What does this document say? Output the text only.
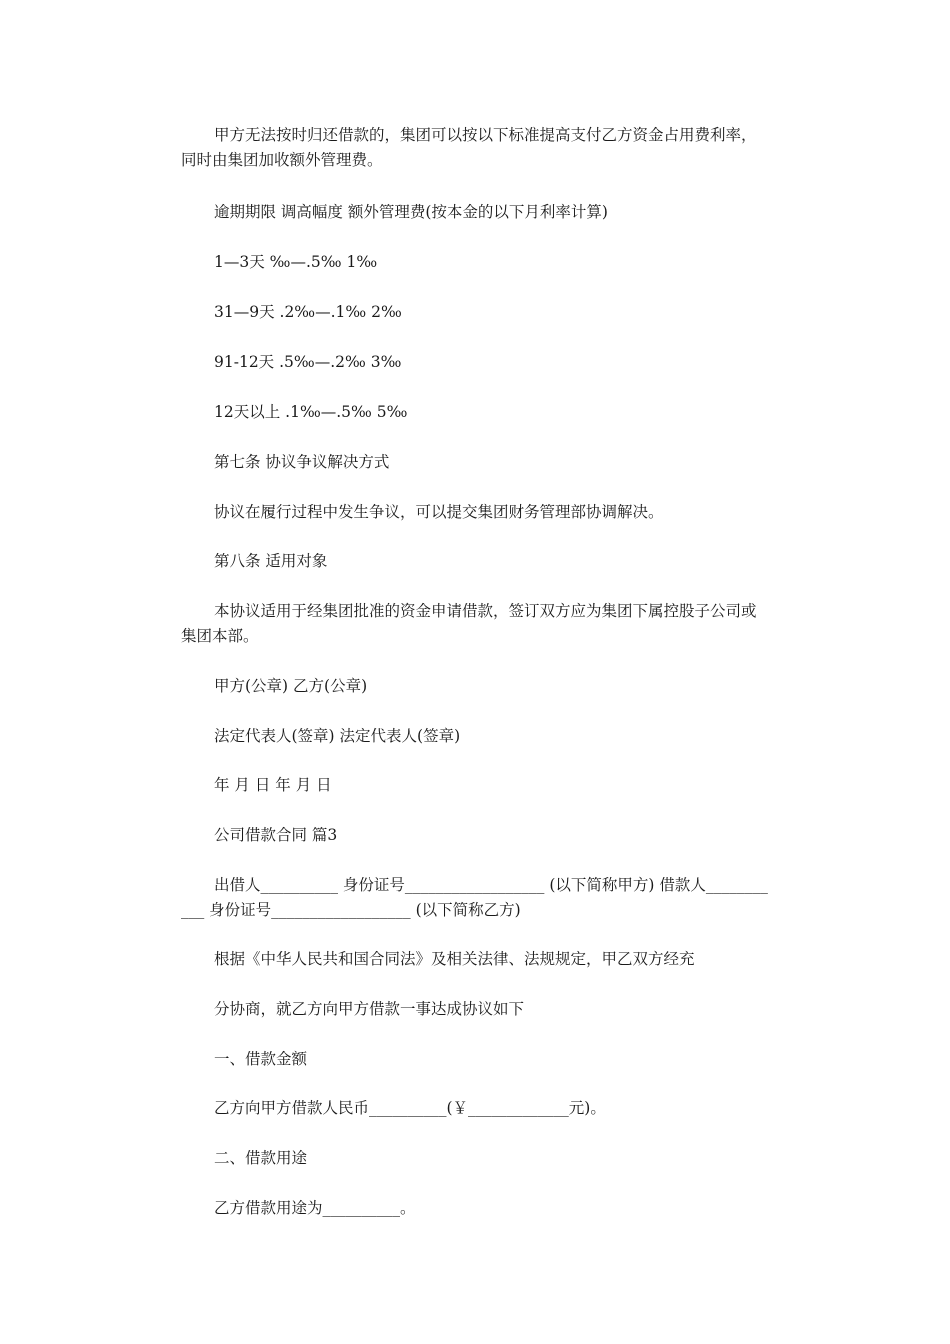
甲方无法按时归还借款的，集团可以按以下标准提高支付乙方资金占用费利率，同时由集团加收额外管理费。

逾期期限 调高幅度 额外管理费(按本金的以下月利率计算)

1—3天 ‰—.5‰ 1‰

31—9天 .2‰—.1‰ 2‰

91-12天 .5‰—.2‰ 3‰

12天以上 .1‰—.5‰ 5‰

第七条 协议争议解决方式

协议在履行过程中发生争议，可以提交集团财务管理部协调解决。

第八条 适用对象

本协议适用于经集团批准的资金申请借款，签订双方应为集团下属控股子公司或集团本部。

甲方(公章) 乙方(公章)

法定代表人(签章) 法定代表人(签章)

年 月 日 年 月 日

公司借款合同 篇3

出借人__________ 身份证号__________________ (以下简称甲方) 借款人___________ 身份证号__________________ (以下简称乙方)

根据《中华人民共和国合同法》及相关法律、法规规定，甲乙双方经充

分协商，就乙方向甲方借款一事达成协议如下

一、借款金额

乙方向甲方借款人民币__________(￥_____________元)。

二、借款用途

乙方借款用途为__________。
